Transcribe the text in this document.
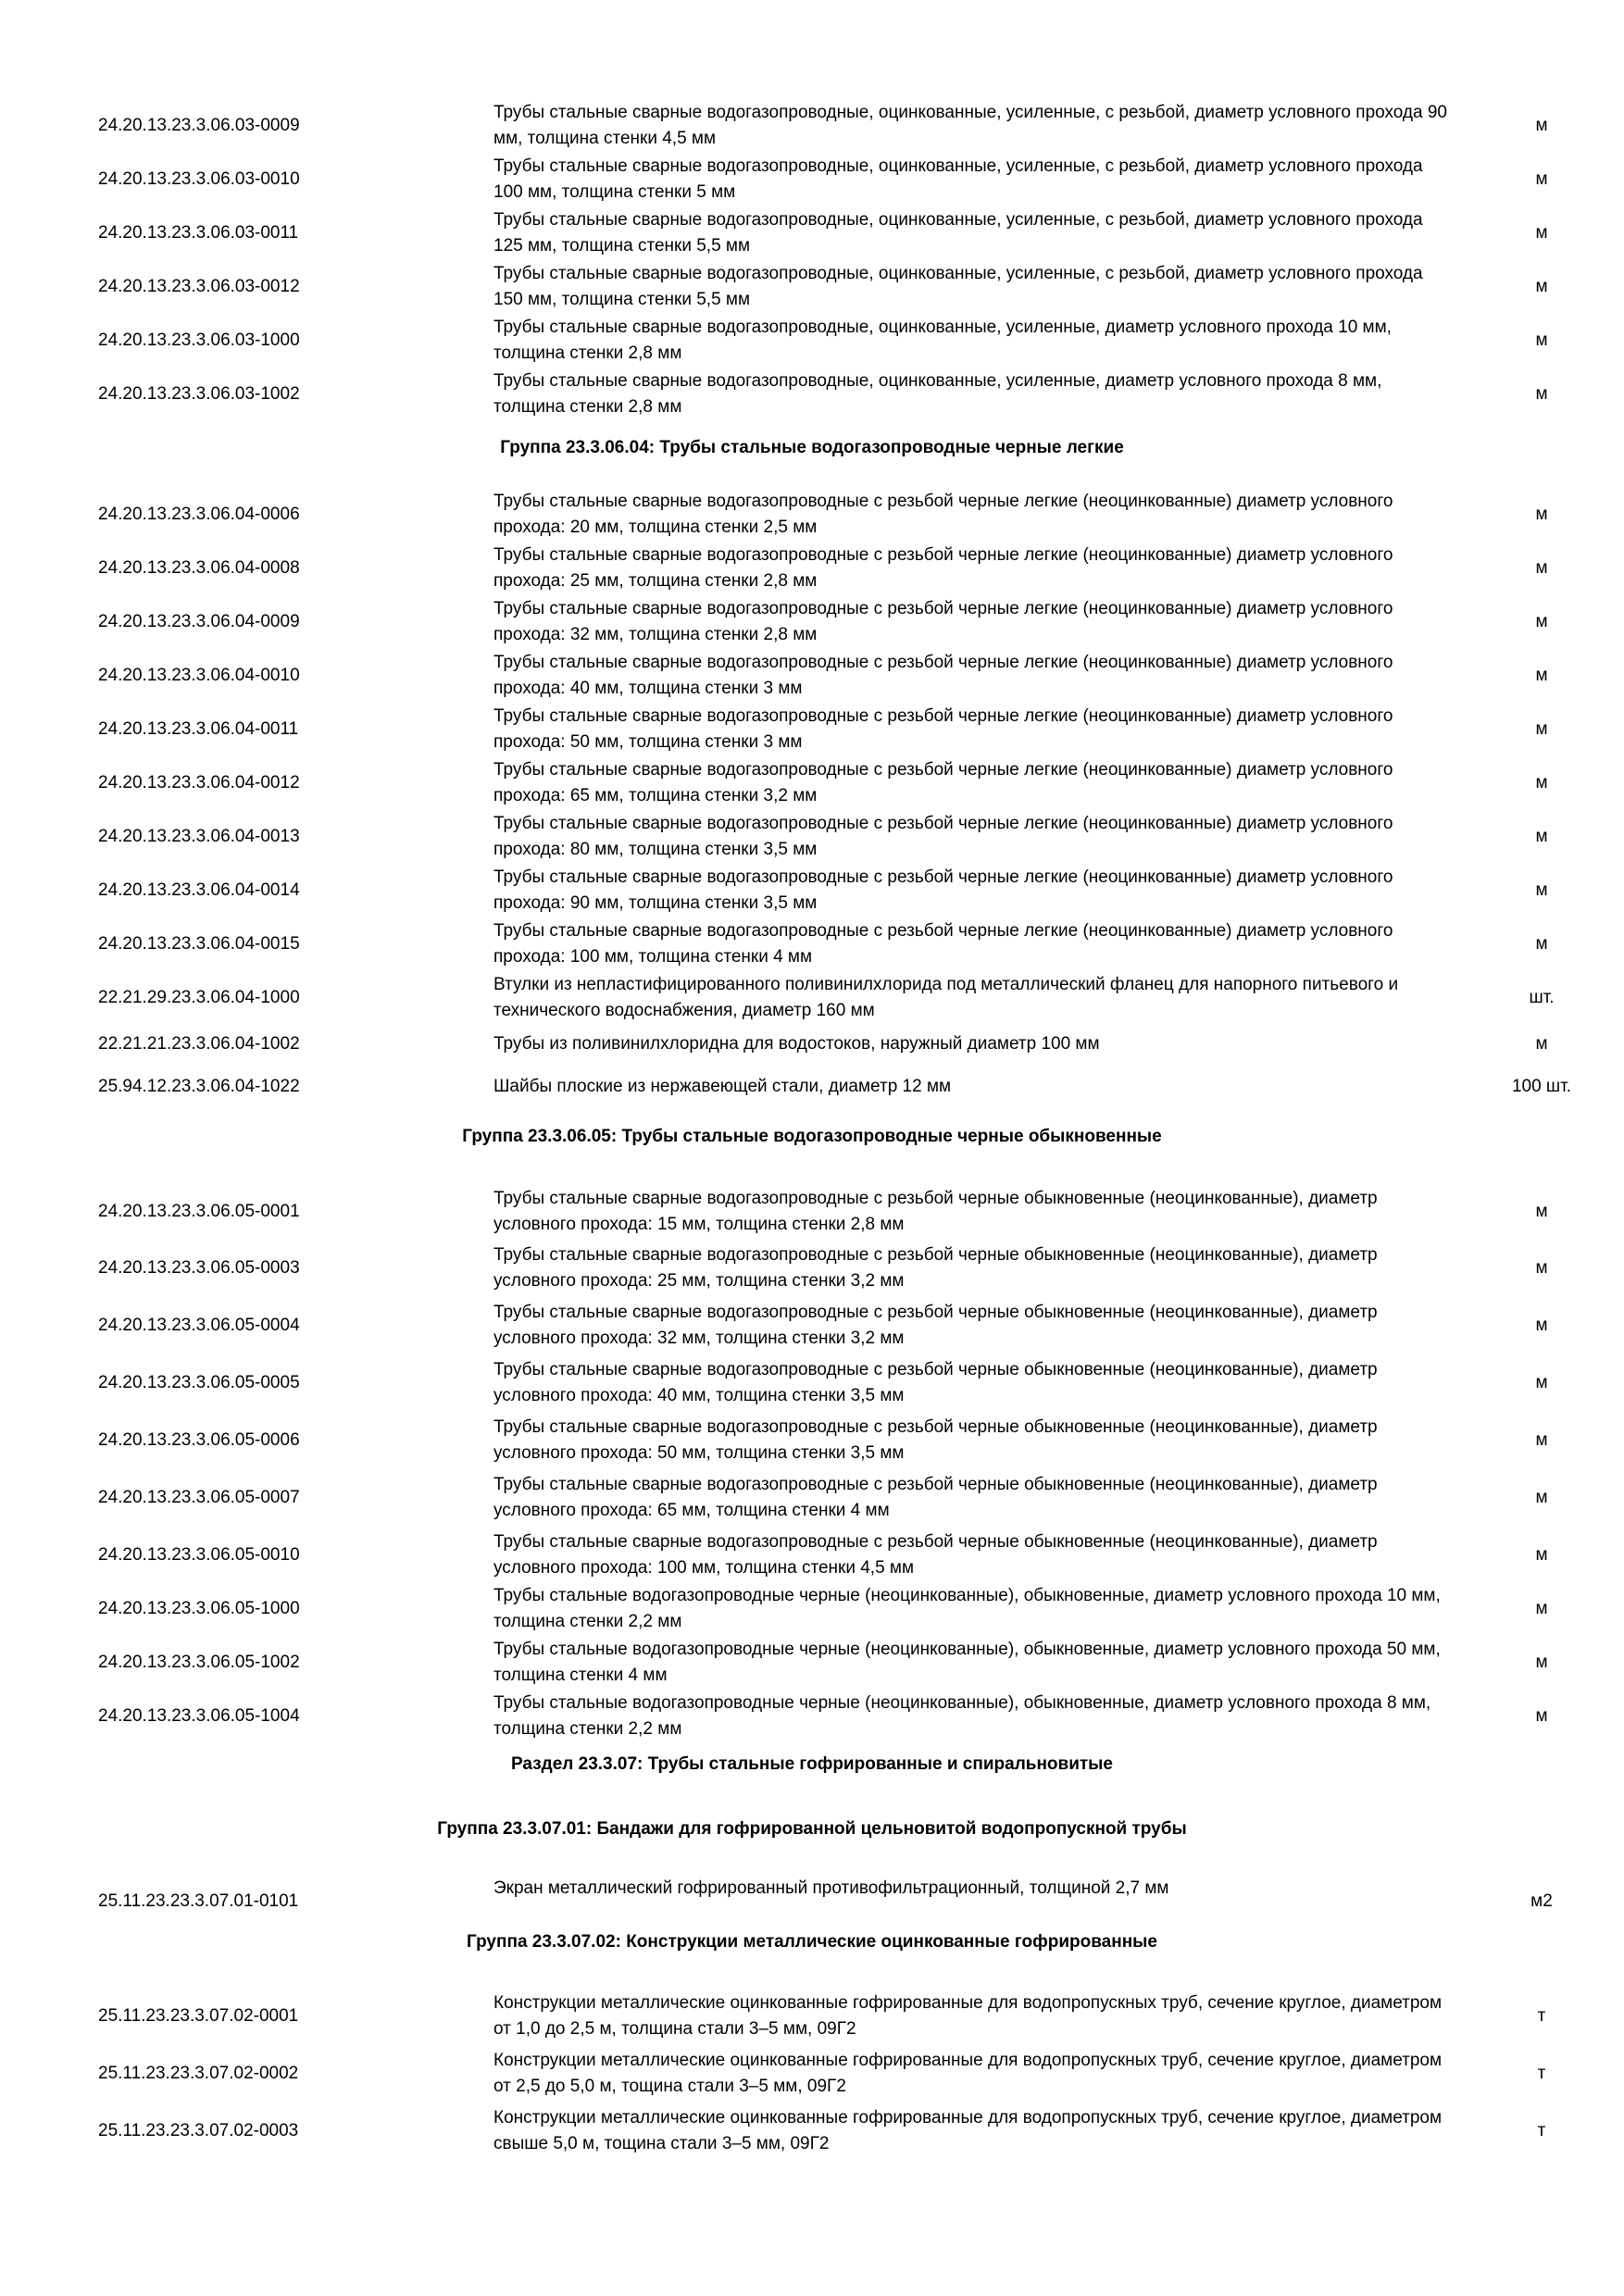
24.20.13.23.3.06.03-0009
Трубы стальные сварные водогазопроводные, оцинкованные, усиленные, с резьбой, диаметр условного прохода 90 мм, толщина стенки 4,5 мм
м
24.20.13.23.3.06.03-0010
Трубы стальные сварные водогазопроводные, оцинкованные, усиленные, с резьбой, диаметр условного прохода 100 мм, толщина стенки 5 мм
м
24.20.13.23.3.06.03-0011
Трубы стальные сварные водогазопроводные, оцинкованные, усиленные, с резьбой, диаметр условного прохода 125 мм, толщина стенки 5,5 мм
м
24.20.13.23.3.06.03-0012
Трубы стальные сварные водогазопроводные, оцинкованные, усиленные, с резьбой, диаметр условного прохода 150 мм, толщина стенки 5,5 мм
м
24.20.13.23.3.06.03-1000
Трубы стальные сварные водогазопроводные, оцинкованные, усиленные, диаметр условного прохода 10 мм, толщина стенки 2,8 мм
м
24.20.13.23.3.06.03-1002
Трубы стальные сварные водогазопроводные, оцинкованные, усиленные, диаметр условного прохода 8 мм, толщина стенки 2,8 мм
м
Группа 23.3.06.04: Трубы стальные водогазопроводные черные легкие
24.20.13.23.3.06.04-0006
Трубы стальные сварные водогазопроводные с резьбой черные легкие (неоцинкованные) диаметр условного прохода: 20 мм, толщина стенки 2,5 мм
м
24.20.13.23.3.06.04-0008
Трубы стальные сварные водогазопроводные с резьбой черные легкие (неоцинкованные) диаметр условного прохода: 25 мм, толщина стенки 2,8 мм
м
24.20.13.23.3.06.04-0009
Трубы стальные сварные водогазопроводные с резьбой черные легкие (неоцинкованные) диаметр условного прохода: 32 мм, толщина стенки 2,8 мм
м
24.20.13.23.3.06.04-0010
Трубы стальные сварные водогазопроводные с резьбой черные легкие (неоцинкованные) диаметр условного прохода: 40 мм, толщина стенки 3 мм
м
24.20.13.23.3.06.04-0011
Трубы стальные сварные водогазопроводные с резьбой черные легкие (неоцинкованные) диаметр условного прохода: 50 мм, толщина стенки 3 мм
м
24.20.13.23.3.06.04-0012
Трубы стальные сварные водогазопроводные с резьбой черные легкие (неоцинкованные) диаметр условного прохода: 65 мм, толщина стенки 3,2 мм
м
24.20.13.23.3.06.04-0013
Трубы стальные сварные водогазопроводные с резьбой черные легкие (неоцинкованные) диаметр условного прохода: 80 мм, толщина стенки 3,5 мм
м
24.20.13.23.3.06.04-0014
Трубы стальные сварные водогазопроводные с резьбой черные легкие (неоцинкованные) диаметр условного прохода: 90 мм, толщина стенки 3,5 мм
м
24.20.13.23.3.06.04-0015
Трубы стальные сварные водогазопроводные с резьбой черные легкие (неоцинкованные) диаметр условного прохода: 100 мм, толщина стенки 4 мм
м
22.21.29.23.3.06.04-1000
Втулки из непластифицированного поливинилхлорида под металлический фланец для напорного питьевого и технического водоснабжения, диаметр 160 мм
шт.
22.21.21.23.3.06.04-1002	Трубы из поливинилхлоридна для водостоков, наружный диаметр 100 мм	м
25.94.12.23.3.06.04-1022	Шайбы плоские из нержавеющей стали, диаметр 12 мм	100 шт.
Группа 23.3.06.05: Трубы стальные водогазопроводные черные обыкновенные
24.20.13.23.3.06.05-0001
Трубы стальные сварные водогазопроводные с резьбой черные обыкновенные (неоцинкованные), диаметр условного прохода: 15 мм, толщина стенки 2,8 мм
м
24.20.13.23.3.06.05-0003
Трубы стальные сварные водогазопроводные с резьбой черные обыкновенные (неоцинкованные), диаметр условного прохода: 25 мм, толщина стенки 3,2 мм
м
24.20.13.23.3.06.05-0004
Трубы стальные сварные водогазопроводные с резьбой черные обыкновенные (неоцинкованные), диаметр условного прохода: 32 мм, толщина стенки 3,2 мм
м
24.20.13.23.3.06.05-0005
Трубы стальные сварные водогазопроводные с резьбой черные обыкновенные (неоцинкованные), диаметр условного прохода: 40 мм, толщина стенки 3,5 мм
м
24.20.13.23.3.06.05-0006
Трубы стальные сварные водогазопроводные с резьбой черные обыкновенные (неоцинкованные), диаметр условного прохода: 50 мм, толщина стенки 3,5 мм
м
24.20.13.23.3.06.05-0007
Трубы стальные сварные водогазопроводные с резьбой черные обыкновенные (неоцинкованные), диаметр условного прохода: 65 мм, толщина стенки 4 мм
м
24.20.13.23.3.06.05-0010
Трубы стальные сварные водогазопроводные с резьбой черные обыкновенные (неоцинкованные), диаметр условного прохода: 100 мм, толщина стенки 4,5 мм
м
24.20.13.23.3.06.05-1000
Трубы стальные водогазопроводные черные (неоцинкованные), обыкновенные, диаметр условного прохода 10 мм, толщина стенки 2,2 мм
м
24.20.13.23.3.06.05-1002
Трубы стальные водогазопроводные черные (неоцинкованные), обыкновенные, диаметр условного прохода 50 мм, толщина стенки 4 мм
м
24.20.13.23.3.06.05-1004
Трубы стальные водогазопроводные черные (неоцинкованные), обыкновенные, диаметр условного прохода 8 мм, толщина стенки 2,2 мм
м
Раздел 23.3.07: Трубы стальные гофрированные и спиральновитые
Группа 23.3.07.01: Бандажи для гофрированной цельновитой водопропускной трубы
25.11.23.23.3.07.01-0101
Экран металлический гофрированный противофильтрационный, толщиной 2,7 мм
м2
Группа 23.3.07.02: Конструкции металлические оцинкованные гофрированные
25.11.23.23.3.07.02-0001
Конструкции металлические оцинкованные гофрированные для водопропускных труб, сечение круглое, диаметром от 1,0 до 2,5 м, толщина стали 3–5 мм, 09Г2
т
25.11.23.23.3.07.02-0002
Конструкции металлические оцинкованные гофрированные для водопропускных труб, сечение круглое, диаметром от 2,5 до 5,0 м, тощина стали 3–5 мм, 09Г2
т
25.11.23.23.3.07.02-0003
Конструкции металлические оцинкованные гофрированные для водопропускных труб, сечение круглое, диаметром свыше 5,0 м, тощина стали 3–5 мм, 09Г2
т
